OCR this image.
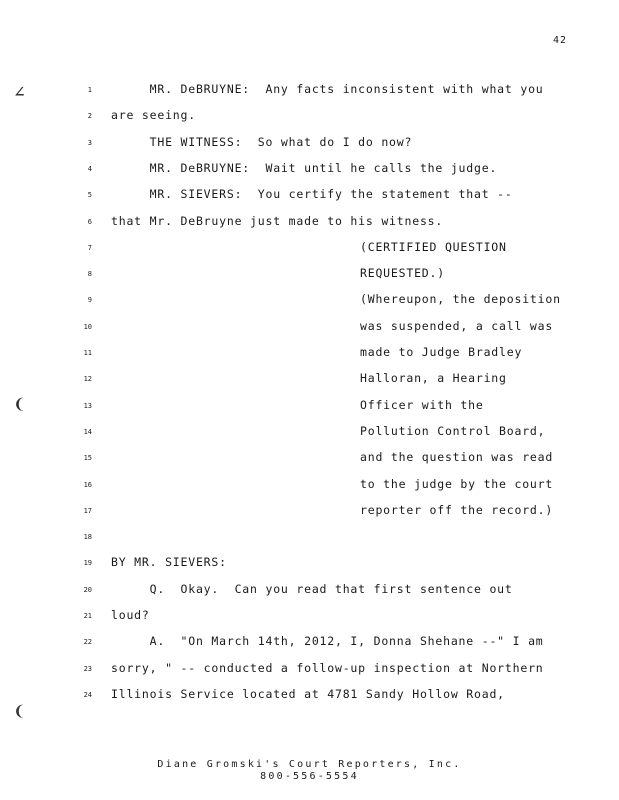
42
∠
❨
❨
1 MR. DeBRUYNE:  Any facts inconsistent with what you
2 are seeing.
3 THE WITNESS:  So what do I do now?
4 MR. DeBRUYNE:  Wait until he calls the judge.
5 MR. SIEVERS:  You certify the statement that --
6 that Mr. DeBruyne just made to his witness.
7	(CERTIFIED QUESTION
8	REQUESTED.)
9	(Whereupon, the deposition
10	was suspended, a call was
11	made to Judge Bradley
12	Halloran, a Hearing
13	Officer with the
14	Pollution Control Board,
15	and the question was read
16	to the judge by the court
17	reporter off the record.)
18
19 BY MR. SIEVERS:
20 Q.  Okay.  Can you read that first sentence out
21 loud?
22 A.  "On March 14th, 2012, I, Donna Shehane --" I am
23 sorry, " -- conducted a follow-up inspection at Northern
24 Illinois Service located at 4781 Sandy Hollow Road,
Diane Gromski's Court Reporters, Inc.
800-556-5554
